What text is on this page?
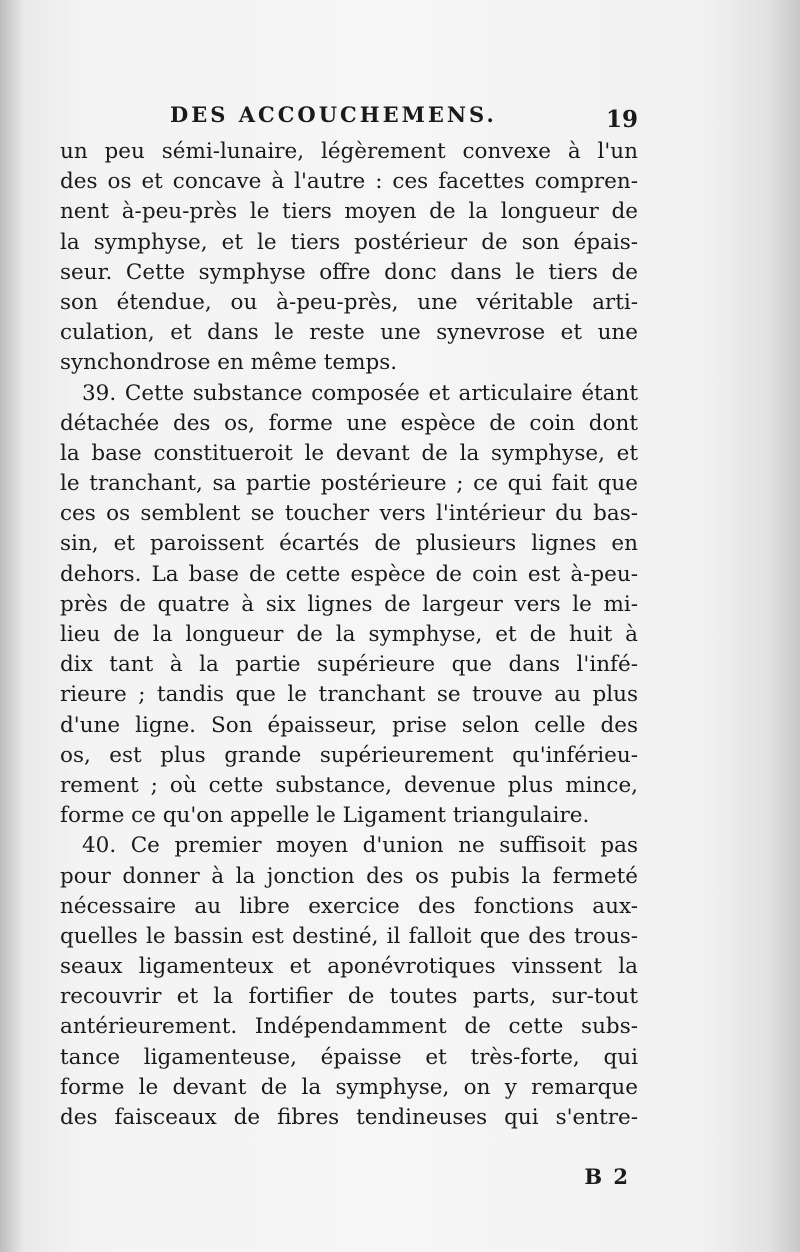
DES ACCOUCHEMENS.	19
un peu sémi-lunaire, légèrement convexe à l'un
des os et concave à l'autre : ces facettes compren-
nent à-peu-près le tiers moyen de la longueur de
la symphyse, et le tiers postérieur de son épais-
seur. Cette symphyse offre donc dans le tiers de
son étendue, ou à-peu-près, une véritable arti-
culation, et dans le reste une synevrose et une
synchondrose en même temps.
39. Cette substance composée et articulaire étant
détachée des os, forme une espèce de coin dont
la base constitueroit le devant de la symphyse, et
le tranchant, sa partie postérieure ; ce qui fait que
ces os semblent se toucher vers l'intérieur du bas-
sin, et paroissent écartés de plusieurs lignes en
dehors. La base de cette espèce de coin est à-peu-
près de quatre à six lignes de largeur vers le mi-
lieu de la longueur de la symphyse, et de huit à
dix tant à la partie supérieure que dans l'infé-
rieure ; tandis que le tranchant se trouve au plus
d'une ligne. Son épaisseur, prise selon celle des
os, est plus grande supérieurement qu'inférieu-
rement ; où cette substance, devenue plus mince,
forme ce qu'on appelle le Ligament triangulaire.
40. Ce premier moyen d'union ne suffisoit pas
pour donner à la jonction des os pubis la fermeté
nécessaire au libre exercice des fonctions aux-
quelles le bassin est destiné, il falloit que des trous-
seaux ligamenteux et aponévrotiques vinssent la
recouvrir et la fortifier de toutes parts, sur-tout
antérieurement. Indépendamment de cette subs-
tance ligamenteuse, épaisse et très-forte, qui
forme le devant de la symphyse, on y remarque
des faisceaux de fibres tendineuses qui s'entre-
B 2
